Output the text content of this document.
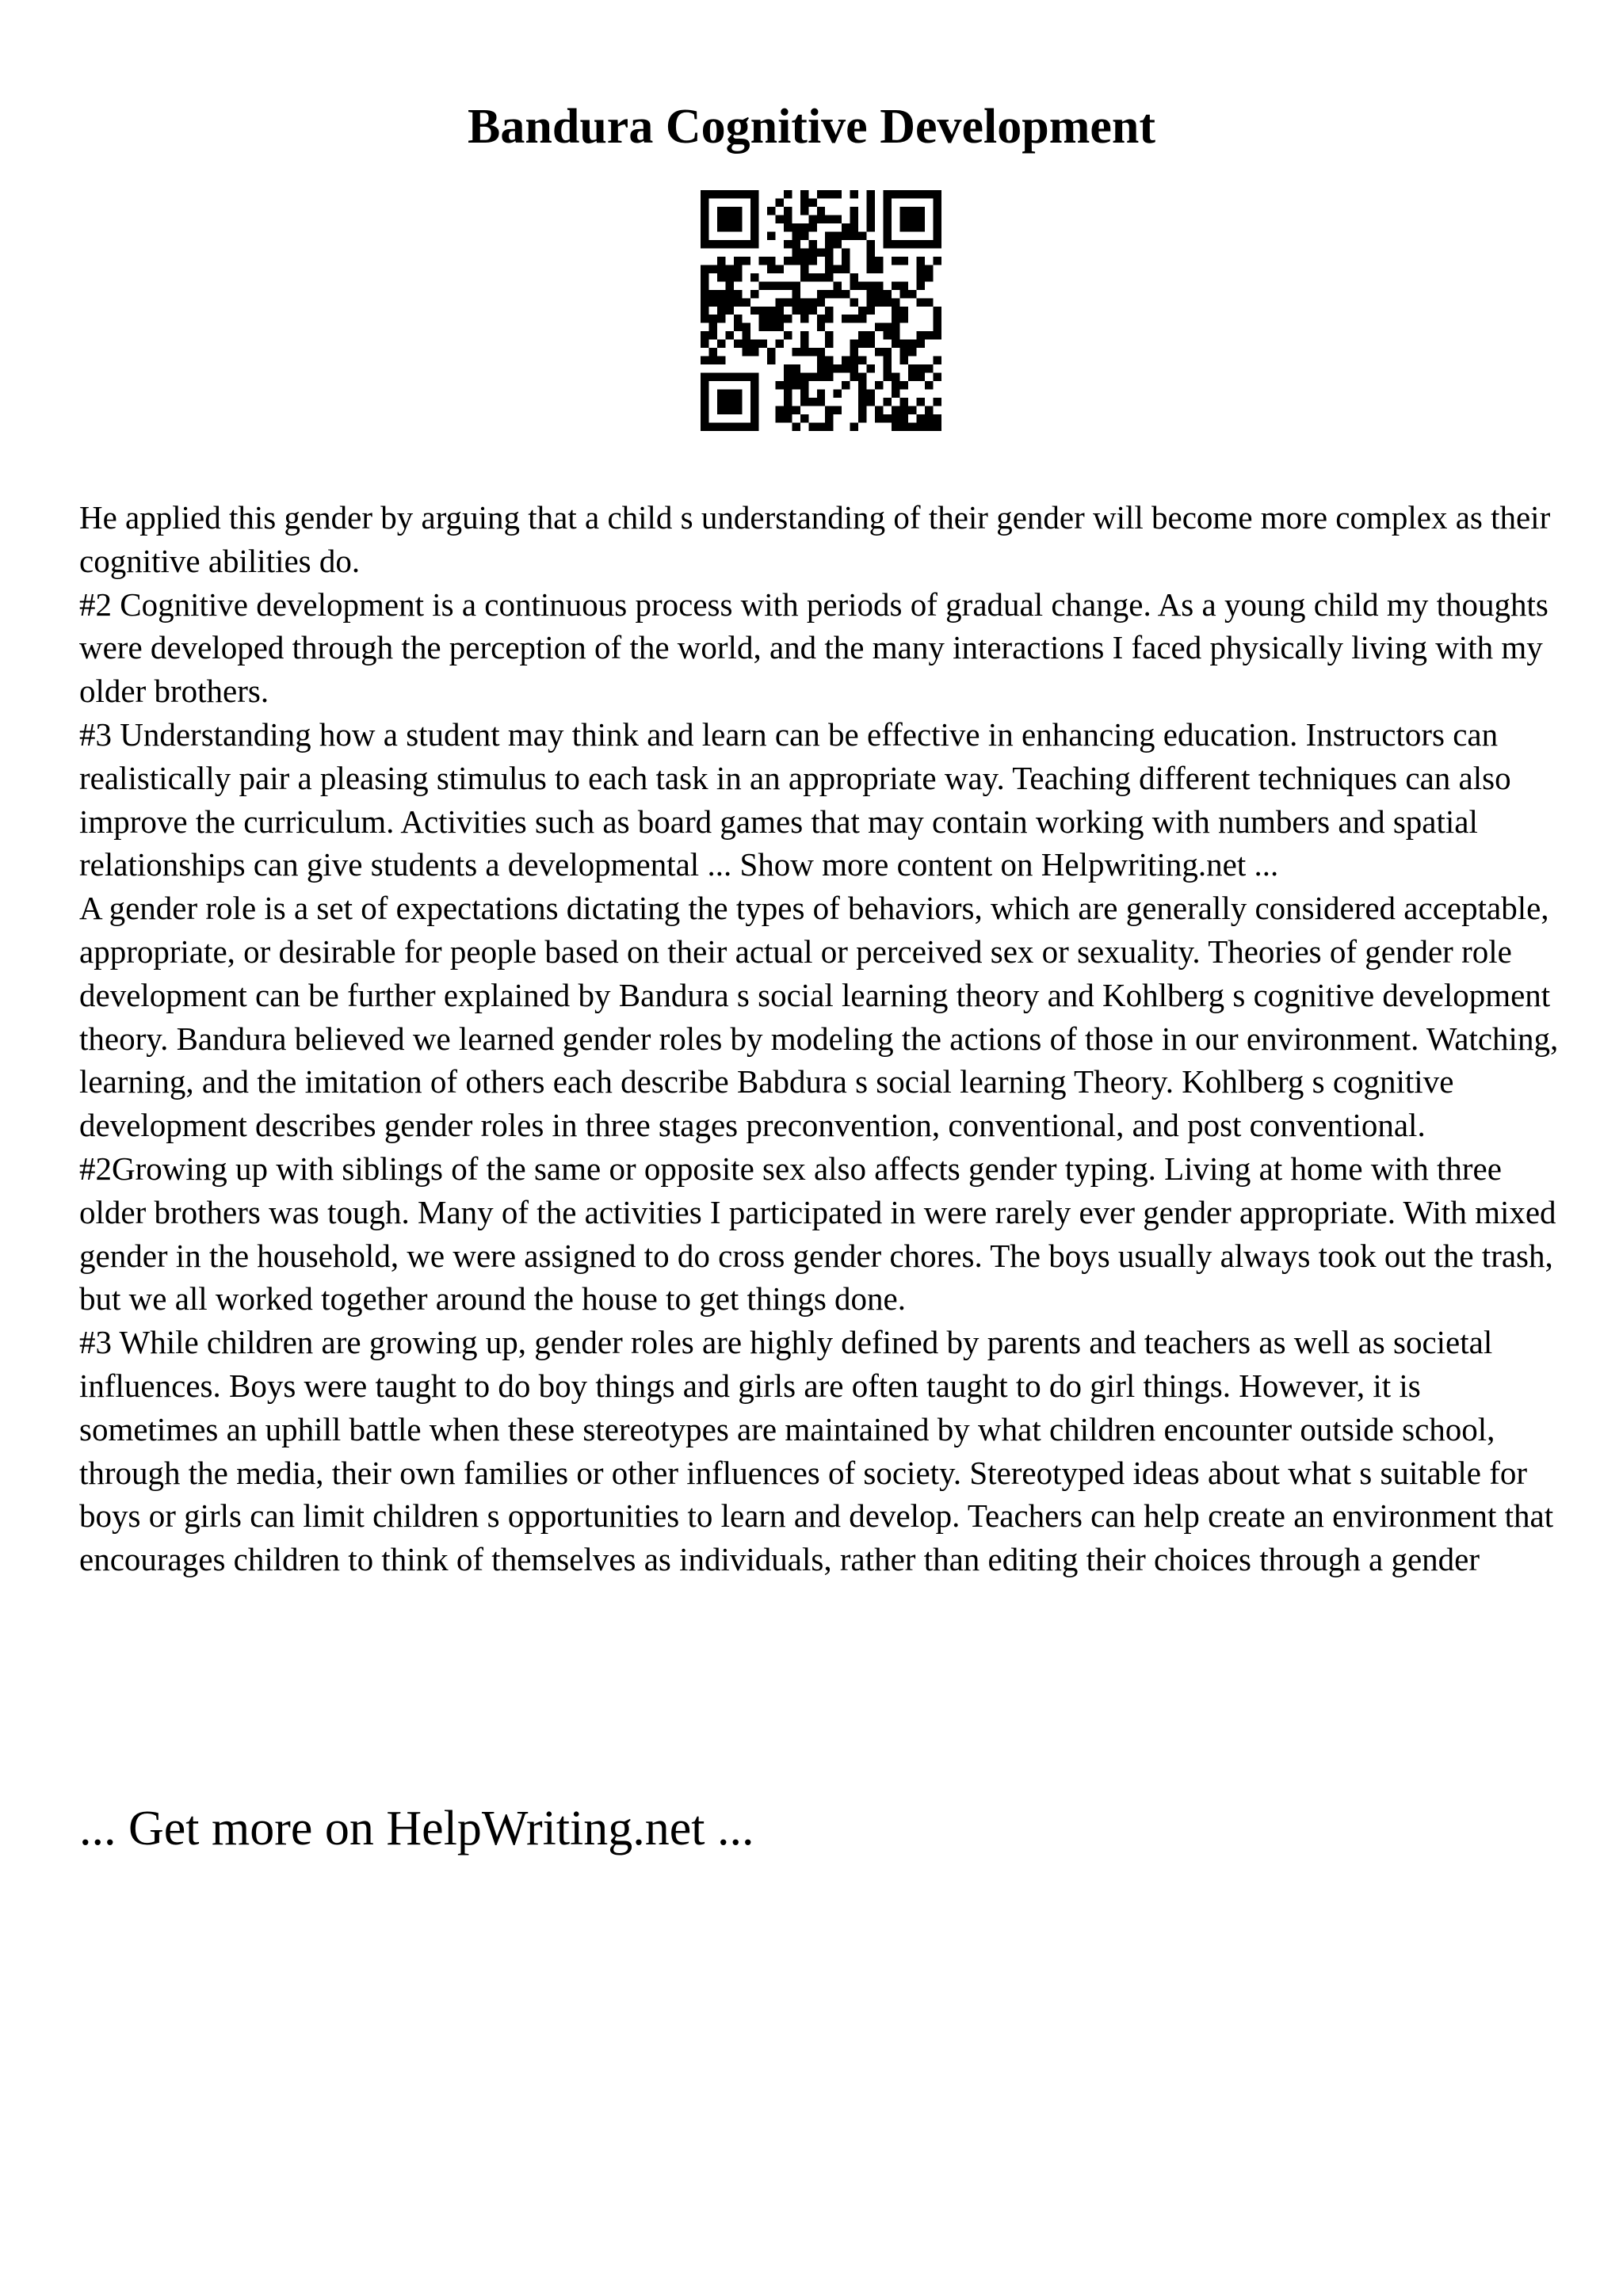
Bandura Cognitive Development

He applied this gender by arguing that a child s understanding of their gender will become more complex as their cognitive abilities do.

#2 Cognitive development is a continuous process with periods of gradual change. As a young child my thoughts were developed through the perception of the world, and the many interactions I faced physically living with my older brothers.

#3 Understanding how a student may think and learn can be effective in enhancing education. Instructors can realistically pair a pleasing stimulus to each task in an appropriate way. Teaching different techniques can also improve the curriculum. Activities such as board games that may contain working with numbers and spatial relationships can give students a developmental ... Show more content on Helpwriting.net ...

A gender role is a set of expectations dictating the types of behaviors, which are generally considered acceptable, appropriate, or desirable for people based on their actual or perceived sex or sexuality. Theories of gender role development can be further explained by Bandura s social learning theory and Kohlberg s cognitive development theory. Bandura believed we learned gender roles by modeling the actions of those in our environment. Watching, learning, and the imitation of others each describe Babdura s social learning Theory. Kohlberg s cognitive development describes gender roles in three stages preconvention, conventional, and post conventional.

#2Growing up with siblings of the same or opposite sex also affects gender typing. Living at home with three older brothers was tough. Many of the activities I participated in were rarely ever gender appropriate. With mixed gender in the household, we were assigned to do cross gender chores. The boys usually always took out the trash, but we all worked together around the house to get things done.

#3 While children are growing up, gender roles are highly defined by parents and teachers as well as societal influences. Boys were taught to do boy things and girls are often taught to do girl things. However, it is sometimes an uphill battle when these stereotypes are maintained by what children encounter outside school, through the media, their own families or other influences of society. Stereotyped ideas about what s suitable for boys or girls can limit children s opportunities to learn and develop. Teachers can help create an environment that encourages children to think of themselves as individuals, rather than editing their choices through a gender

... Get more on HelpWriting.net ...
